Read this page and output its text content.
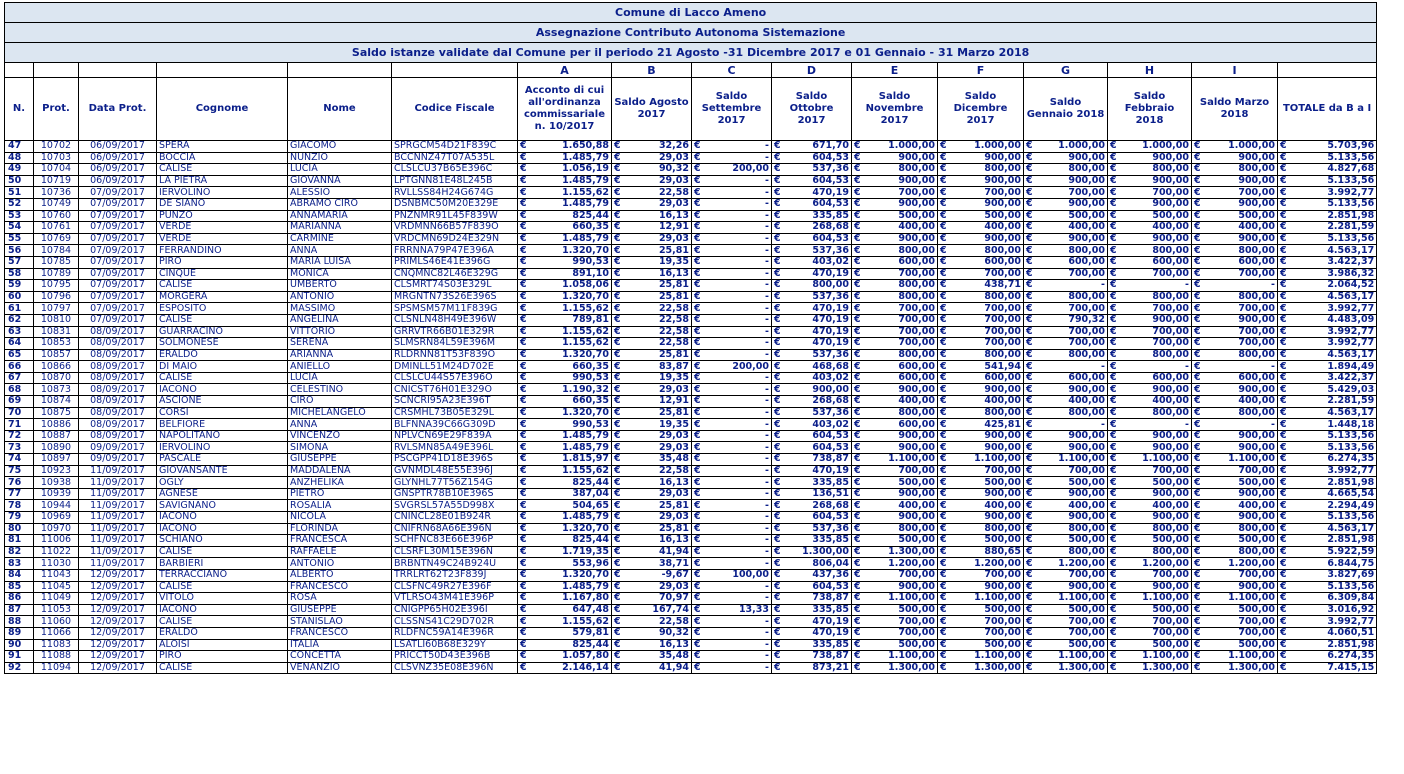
Comune di Lacco Ameno															
Assegnazione Contributo Autonoma Sistemazione															
Saldo istanze validate dal Comune per il periodo 21 Agosto -31 Dicembre 2017 e 01 Gennaio - 31 Marzo 2018															
						A	B	C	D	E	F	G	H	I	
N.	Prot.	Data Prot.	Cognome	Nome	Codice Fiscale	Acconto di cui all'ordinanza commissariale n. 10/2017	Saldo Agosto 2017	Saldo Settembre 2017	Saldo Ottobre 2017	Saldo Novembre 2017	Saldo Dicembre 2017	Saldo Gennaio 2018	Saldo Febbraio 2018	Saldo Marzo 2018	TOTALE da B a I
47	10702	06/09/2017	SPERA	GIACOMO	SPRGCM54D21F839C	€ 1.650,88	€ 32,26	€ -	€ 671,70	€ 1.000,00	€ 1.000,00	€ 1.000,00	€ 1.000,00	€ 1.000,00	€ 5.703,96

48	10703	06/09/2017	BOCCIA	NUNZIO	BCCNNZ47T07A535L	€ 1.485,79	€ 29,03	€ -	€ 604,53	€ 900,00	€ 900,00	€ 900,00	€ 900,00	€ 900,00	€ 5.133,56

49	10704	06/09/2017	CALISE	LUCIA	CLSLCU37B65E396C	€ 1.056,19	€ 90,32	€ 200,00	€ 537,36	€ 800,00	€ 800,00	€ 800,00	€ 800,00	€ 800,00	€ 4.827,68

50	10719	06/09/2017	LA PIETRA	GIOVANNA	LPTGNN81E48L245B	€ 1.485,79	€ 29,03	€ -	€ 604,53	€ 900,00	€ 900,00	€ 900,00	€ 900,00	€ 900,00	€ 5.133,56

51	10736	07/09/2017	IERVOLINO	ALESSIO	RVLLSS84H24G674G	€ 1.155,62	€ 22,58	€ -	€ 470,19	€ 700,00	€ 700,00	€ 700,00	€ 700,00	€ 700,00	€ 3.992,77

52	10749	07/09/2017	DE SIANO	ABRAMO CIRO	DSNBMC50M20E329E	€ 1.485,79	€ 29,03	€ -	€ 604,53	€ 900,00	€ 900,00	€ 900,00	€ 900,00	€ 900,00	€ 5.133,56

53	10760	07/09/2017	PUNZO	ANNAMARIA	PNZNMR91L45F839W	€ 825,44	€ 16,13	€ -	€ 335,85	€ 500,00	€ 500,00	€ 500,00	€ 500,00	€ 500,00	€ 2.851,98

54	10761	07/09/2017	VERDE	MARIANNA	VRDMNN66B57F839O	€ 660,35	€ 12,91	€ -	€ 268,68	€ 400,00	€ 400,00	€ 400,00	€ 400,00	€ 400,00	€ 2.281,59

55	10769	07/09/2017	VERDE	CARMINE	VRDCMN69D24E329N	€ 1.485,79	€ 29,03	€ -	€ 604,53	€ 900,00	€ 900,00	€ 900,00	€ 900,00	€ 900,00	€ 5.133,56

56	10784	07/09/2017	FERRANDINO	ANNA	FRRNNA79P47E396A	€ 1.320,70	€ 25,81	€ -	€ 537,36	€ 800,00	€ 800,00	€ 800,00	€ 800,00	€ 800,00	€ 4.563,17

57	10785	07/09/2017	PIRO	MARIA LUISA	PRIMLS46E41E396G	€ 990,53	€ 19,35	€ -	€ 403,02	€ 600,00	€ 600,00	€ 600,00	€ 600,00	€ 600,00	€ 3.422,37

58	10789	07/09/2017	CINQUE	MONICA	CNQMNC82L46E329G	€ 891,10	€ 16,13	€ -	€ 470,19	€ 700,00	€ 700,00	€ 700,00	€ 700,00	€ 700,00	€ 3.986,32

59	10795	07/09/2017	CALISE	UMBERTO	CLSMRT74S03E329L	€ 1.058,06	€ 25,81	€ -	€ 800,00	€ 800,00	€ 438,71	€ -	€ -	€ -	€ 2.064,52

60	10796	07/09/2017	MORGERA	ANTONIO	MRGNTN73S26E396S	€ 1.320,70	€ 25,81	€ -	€ 537,36	€ 800,00	€ 800,00	€ 800,00	€ 800,00	€ 800,00	€ 4.563,17

61	10797	07/09/2017	ESPOSITO	MASSIMO	SPSMSM57M11F839G	€ 1.155,62	€ 22,58	€ -	€ 470,19	€ 700,00	€ 700,00	€ 700,00	€ 700,00	€ 700,00	€ 3.992,77

62	10810	07/09/2017	CALISE	ANGELINA	CLSNLN48H49E396W	€ 789,81	€ 22,58	€ -	€ 470,19	€ 700,00	€ 700,00	€ 790,32	€ 900,00	€ 900,00	€ 4.483,09

63	10831	08/09/2017	GUARRACINO	VITTORIO	GRRVTR66B01E329R	€ 1.155,62	€ 22,58	€ -	€ 470,19	€ 700,00	€ 700,00	€ 700,00	€ 700,00	€ 700,00	€ 3.992,77

64	10853	08/09/2017	SOLMONESE	SERENA	SLMSRN84L59E396M	€ 1.155,62	€ 22,58	€ -	€ 470,19	€ 700,00	€ 700,00	€ 700,00	€ 700,00	€ 700,00	€ 3.992,77

65	10857	08/09/2017	ERALDO	ARIANNA	RLDRNN81T53F839O	€ 1.320,70	€ 25,81	€ -	€ 537,36	€ 800,00	€ 800,00	€ 800,00	€ 800,00	€ 800,00	€ 4.563,17

66	10866	08/09/2017	DI MAIO	ANIELLO	DMINLL51M24D702E	€ 660,35	€ 83,87	€ 200,00	€ 468,68	€ 600,00	€ 541,94	€ -	€ -	€ -	€ 1.894,49

67	10870	08/09/2017	CALISE	LUCIA	CLSLCU44S57E396O	€ 990,53	€ 19,35	€ -	€ 403,02	€ 600,00	€ 600,00	€ 600,00	€ 600,00	€ 600,00	€ 3.422,37

68	10873	08/09/2017	IACONO	CELESTINO	CNICST76H01E329O	€ 1.190,32	€ 29,03	€ -	€ 900,00	€ 900,00	€ 900,00	€ 900,00	€ 900,00	€ 900,00	€ 5.429,03

69	10874	08/09/2017	ASCIONE	CIRO	SCNCRI95A23E396T	€ 660,35	€ 12,91	€ -	€ 268,68	€ 400,00	€ 400,00	€ 400,00	€ 400,00	€ 400,00	€ 2.281,59

70	10875	08/09/2017	CORSI	MICHELANGELO	CRSMHL73B05E329L	€ 1.320,70	€ 25,81	€ -	€ 537,36	€ 800,00	€ 800,00	€ 800,00	€ 800,00	€ 800,00	€ 4.563,17

71	10886	08/09/2017	BELFIORE	ANNA	BLFNNA39C66G309D	€ 990,53	€ 19,35	€ -	€ 403,02	€ 600,00	€ 425,81	€ -	€ -	€ -	€ 1.448,18

72	10887	08/09/2017	NAPOLITANO	VINCENZO	NPLVCN69E29F839A	€ 1.485,79	€ 29,03	€ -	€ 604,53	€ 900,00	€ 900,00	€ 900,00	€ 900,00	€ 900,00	€ 5.133,56

73	10890	09/09/2017	IERVOLINO	SIMONA	RVLSMN85A49E396L	€ 1.485,79	€ 29,03	€ -	€ 604,53	€ 900,00	€ 900,00	€ 900,00	€ 900,00	€ 900,00	€ 5.133,56

74	10897	09/09/2017	PASCALE	GIUSEPPE	PSCGPP41D18E396S	€ 1.815,97	€ 35,48	€ -	€ 738,87	€ 1.100,00	€ 1.100,00	€ 1.100,00	€ 1.100,00	€ 1.100,00	€ 6.274,35

75	10923	11/09/2017	GIOVANSANTE	MADDALENA	GVNMDL48E55E396J	€ 1.155,62	€ 22,58	€ -	€ 470,19	€ 700,00	€ 700,00	€ 700,00	€ 700,00	€ 700,00	€ 3.992,77

76	10938	11/09/2017	OGLY	ANZHELIKA	GLYNHL77T56Z154G	€ 825,44	€ 16,13	€ -	€ 335,85	€ 500,00	€ 500,00	€ 500,00	€ 500,00	€ 500,00	€ 2.851,98

77	10939	11/09/2017	AGNESE	PIETRO	GNSPTR78B10E396S	€ 387,04	€ 29,03	€ -	€ 136,51	€ 900,00	€ 900,00	€ 900,00	€ 900,00	€ 900,00	€ 4.665,54

78	10944	11/09/2017	SAVIGNANO	ROSALIA	SVGRSL57A55D998X	€ 504,65	€ 25,81	€ -	€ 268,68	€ 400,00	€ 400,00	€ 400,00	€ 400,00	€ 400,00	€ 2.294,49

79	10969	11/09/2017	IACONO	NICOLA	CNINCL28E01B924R	€ 1.485,79	€ 29,03	€ -	€ 604,53	€ 900,00	€ 900,00	€ 900,00	€ 900,00	€ 900,00	€ 5.133,56

80	10970	11/09/2017	IACONO	FLORINDA	CNIFRN68A66E396N	€ 1.320,70	€ 25,81	€ -	€ 537,36	€ 800,00	€ 800,00	€ 800,00	€ 800,00	€ 800,00	€ 4.563,17

81	11006	11/09/2017	SCHIANO	FRANCESCA	SCHFNC83E66E396P	€ 825,44	€ 16,13	€ -	€ 335,85	€ 500,00	€ 500,00	€ 500,00	€ 500,00	€ 500,00	€ 2.851,98

82	11022	11/09/2017	CALISE	RAFFAELE	CLSRFL30M15E396N	€ 1.719,35	€ 41,94	€ -	€ 1.300,00	€ 1.300,00	€ 880,65	€ 800,00	€ 800,00	€ 800,00	€ 5.922,59

83	11030	11/09/2017	BARBIERI	ANTONIO	BRBNTN49C24B924U	€ 553,96	€ 38,71	€ -	€ 806,04	€ 1.200,00	€ 1.200,00	€ 1.200,00	€ 1.200,00	€ 1.200,00	€ 6.844,75

84	11043	12/09/2017	TERRACCIANO	ALBERTO	TRRLRT62T23F839J	€ 1.320,70	€ -9,67	€ 100,00	€ 437,36	€ 700,00	€ 700,00	€ 700,00	€ 700,00	€ 700,00	€ 3.827,69

85	11045	12/09/2017	CALISE	FRANCESCO	CLSFNC49R27E396F	€ 1.485,79	€ 29,03	€ -	€ 604,53	€ 900,00	€ 900,00	€ 900,00	€ 900,00	€ 900,00	€ 5.133,56

86	11049	12/09/2017	VITOLO	ROSA	VTLRSO43M41E396P	€ 1.167,80	€ 70,97	€ -	€ 738,87	€ 1.100,00	€ 1.100,00	€ 1.100,00	€ 1.100,00	€ 1.100,00	€ 6.309,84

87	11053	12/09/2017	IACONO	GIUSEPPE	CNIGPP65H02E396I	€ 647,48	€ 167,74	€ 13,33	€ 335,85	€ 500,00	€ 500,00	€ 500,00	€ 500,00	€ 500,00	€ 3.016,92

88	11060	12/09/2017	CALISE	STANISLAO	CLSSNS41C29D702R	€ 1.155,62	€ 22,58	€ -	€ 470,19	€ 700,00	€ 700,00	€ 700,00	€ 700,00	€ 700,00	€ 3.992,77

89	11066	12/09/2017	ERALDO	FRANCESCO	RLDFNC59A14E396R	€ 579,81	€ 90,32	€ -	€ 470,19	€ 700,00	€ 700,00	€ 700,00	€ 700,00	€ 700,00	€ 4.060,51

90	11083	12/09/2017	ALOISI	ITALIA	LSATLI60B68E329Y	€ 825,44	€ 16,13	€ -	€ 335,85	€ 500,00	€ 500,00	€ 500,00	€ 500,00	€ 500,00	€ 2.851,98

91	11088	12/09/2017	PIRO	CONCETTA	PRICCT50D43E396B	€ 1.057,80	€ 35,48	€ -	€ 738,87	€ 1.100,00	€ 1.100,00	€ 1.100,00	€ 1.100,00	€ 1.100,00	€ 6.274,35

92	11094	12/09/2017	CALISE	VENANZIO	CLSVNZ35E08E396N	€ 2.146,14	€ 41,94	€ -	€ 873,21	€ 1.300,00	€ 1.300,00	€ 1.300,00	€ 1.300,00	€ 1.300,00	€ 7.415,15
